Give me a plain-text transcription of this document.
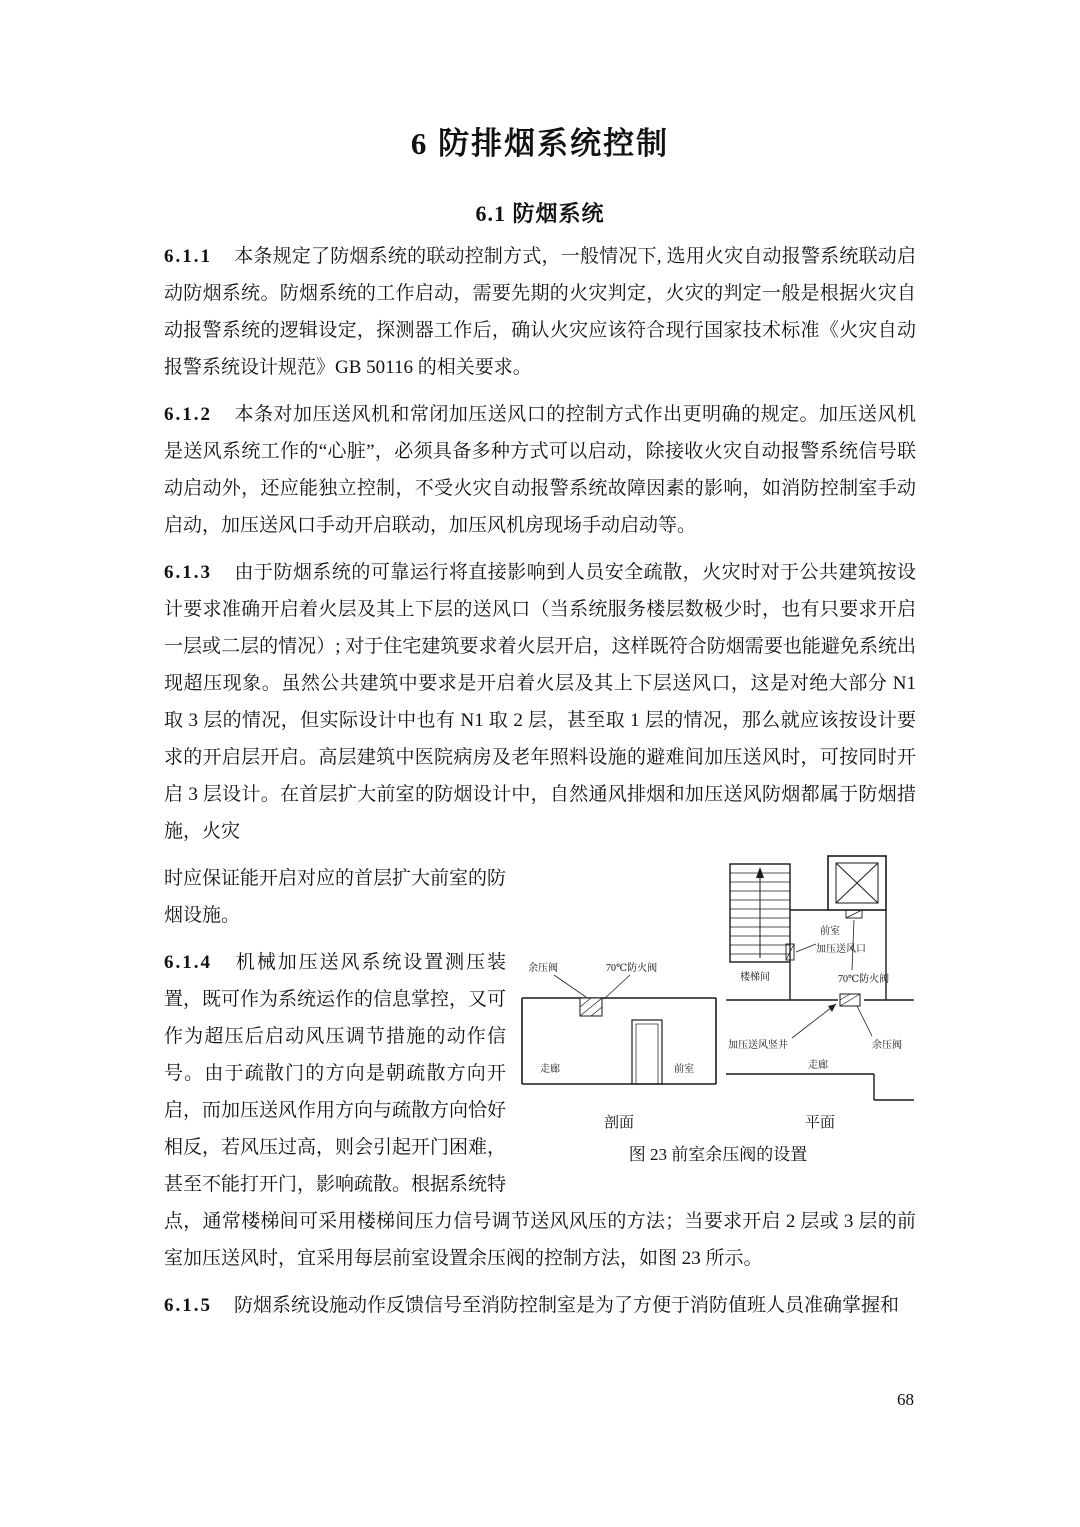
6 防排烟系统控制
6.1 防烟系统

6.1.1 本条规定了防烟系统的联动控制方式，一般情况下, 选用火灾自动报警系统联动启动防烟系统。防烟系统的工作启动，需要先期的火灾判定，火灾的判定一般是根据火灾自动报警系统的逻辑设定，探测器工作后，确认火灾应该符合现行国家技术标准《火灾自动报警系统设计规范》GB 50116 的相关要求。

6.1.2 本条对加压送风机和常闭加压送风口的控制方式作出更明确的规定。加压送风机是送风系统工作的“心脏”，必须具备多种方式可以启动，除接收火灾自动报警系统信号联动启动外，还应能独立控制，不受火灾自动报警系统故障因素的影响，如消防控制室手动启动，加压送风口手动开启联动，加压风机房现场手动启动等。

6.1.3 由于防烟系统的可靠运行将直接影响到人员安全疏散，火灾时对于公共建筑按设计要求准确开启着火层及其上下层的送风口（当系统服务楼层数极少时，也有只要求开启一层或二层的情况）; 对于住宅建筑要求着火层开启，这样既符合防烟需要也能避免系统出现超压现象。虽然公共建筑中要求是开启着火层及其上下层送风口，这是对绝大部分 N1 取 3 层的情况，但实际设计中也有 N1 取 2 层，甚至取 1 层的情况，那么就应该按设计要求的开启层开启。高层建筑中医院病房及老年照料设施的避难间加压送风时，可按同时开启 3 层设计。在首层扩大前室的防烟设计中，自然通风排烟和加压送风防烟都属于防烟措施，火灾

余压阀	70℃防火阀
走廊	前室
剖面
前室
加压送风口
楼梯间	70℃防火阀
加压送风竖井	余压阀
走廊
平面
图 23 前室余压阀的设置

时应保证能开启对应的首层扩大前室的防烟设施。

6.1.4 机械加压送风系统设置测压装置，既可作为系统运作的信息掌控，又可作为超压后启动风压调节措施的动作信号。由于疏散门的方向是朝疏散方向开启，而加压送风作用方向与疏散方向恰好相反，若风压过高，则会引起开门困难，甚至不能打开门，影响疏散。根据系统特点，通常楼梯间可采用楼梯间压力信号调节送风风压的方法；当要求开启 2 层或 3 层的前室加压送风时，宜采用每层前室设置余压阀的控制方法，如图 23 所示。

6.1.5 防烟系统设施动作反馈信号至消防控制室是为了方便于消防值班人员准确掌握和

68
